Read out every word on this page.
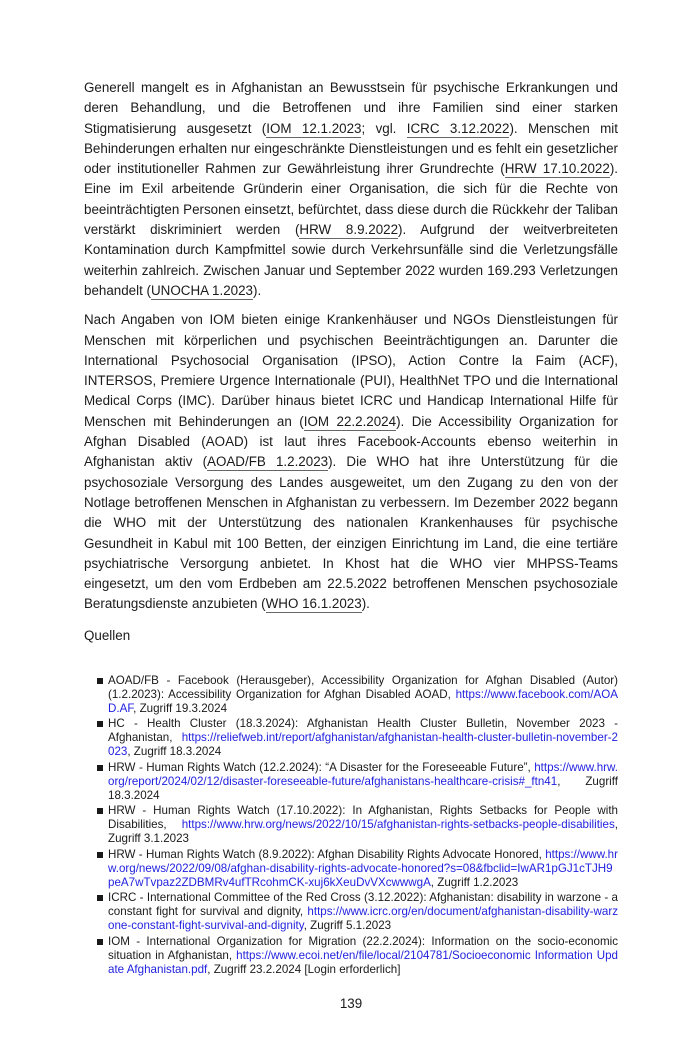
Generell mangelt es in Afghanistan an Bewusstsein für psychische Erkrankungen und deren Behandlung, und die Betroffenen und ihre Familien sind einer starken Stigmatisierung ausgesetzt (IOM 12.1.2023; vgl. ICRC 3.12.2022). Menschen mit Behinderungen erhalten nur eingeschränkte Dienstleistungen und es fehlt ein gesetzlicher oder institutioneller Rahmen zur Gewährleistung ihrer Grundrechte (HRW 17.10.2022). Eine im Exil arbeitende Gründerin einer Organisation, die sich für die Rechte von beeinträchtigten Personen einsetzt, befürchtet, dass diese durch die Rückkehr der Taliban verstärkt diskriminiert werden (HRW 8.9.2022). Aufgrund der weitverbreiteten Kontamination durch Kampfmittel sowie durch Verkehrsunfälle sind die Verletzungsfälle weiterhin zahlreich. Zwischen Januar und September 2022 wurden 169.293 Verletzungen behandelt (UNOCHA 1.2023).

Nach Angaben von IOM bieten einige Krankenhäuser und NGOs Dienstleistungen für Menschen mit körperlichen und psychischen Beeinträchtigungen an. Darunter die International Psychosocial Organisation (IPSO), Action Contre la Faim (ACF), INTERSOS, Premiere Urgence Internationale (PUI), HealthNet TPO und die International Medical Corps (IMC). Darüber hinaus bietet ICRC und Handicap International Hilfe für Menschen mit Behinderungen an (IOM 22.2.2024). Die Accessibility Organization for Afghan Disabled (AOAD) ist laut ihres Facebook-Accounts ebenso weiterhin in Afghanistan aktiv (AOAD/FB 1.2.2023). Die WHO hat ihre Unterstützung für die psychosoziale Versorgung des Landes ausgeweitet, um den Zugang zu den von der Notlage betroffenen Menschen in Afghanistan zu verbessern. Im Dezember 2022 begann die WHO mit der Unterstützung des nationalen Krankenhauses für psychische Gesundheit in Kabul mit 100 Betten, der einzigen Einrichtung im Land, die eine tertiäre psychiatrische Versorgung anbietet. In Khost hat die WHO vier MHPSS-Teams eingesetzt, um den vom Erdbeben am 22.5.2022 betroffenen Menschen psychosoziale Beratungsdienste anzubieten (WHO 16.1.2023).

Quellen
AOAD/FB - Facebook (Herausgeber), Accessibility Organization for Afghan Disabled (Autor) (1.2.2023): Accessibility Organization for Afghan Disabled AOAD, https://www.facebook.com/AOAD.AF, Zugriff 19.3.2024
HC - Health Cluster (18.3.2024): Afghanistan Health Cluster Bulletin, November 2023 - Afghanistan, https://reliefweb.int/report/afghanistan/afghanistan-health-cluster-bulletin-november-2023, Zugriff 18.3.2024
HRW - Human Rights Watch (12.2.2024): “A Disaster for the Foreseeable Future”, https://www.hrw.org/report/2024/02/12/disaster-foreseeable-future/afghanistans-healthcare-crisis#_ftn41, Zugriff 18.3.2024
HRW - Human Rights Watch (17.10.2022): In Afghanistan, Rights Setbacks for People with Disabilities, https://www.hrw.org/news/2022/10/15/afghanistan-rights-setbacks-people-disabilities, Zugriff 3.1.2023
HRW - Human Rights Watch (8.9.2022): Afghan Disability Rights Advocate Honored, https://www.hrw.org/news/2022/09/08/afghan-disability-rights-advocate-honored?s=08&fbclid=IwAR1pGJ1cTJH9peA7wTvpaz2ZDBMRv4ufTRcohmCK-xuj6kXeuDvVXcwwwgA, Zugriff 1.2.2023
ICRC - International Committee of the Red Cross (3.12.2022): Afghanistan: disability in warzone - a constant fight for survival and dignity, https://www.icrc.org/en/document/afghanistan-disability-warzone-constant-fight-survival-and-dignity, Zugriff 5.1.2023
IOM - International Organization for Migration (22.2.2024): Information on the socio-economic situation in Afghanistan, https://www.ecoi.net/en/file/local/2104781/Socioeconomic Information Update Afghanistan.pdf, Zugriff 23.2.2024 [Login erforderlich]
139
